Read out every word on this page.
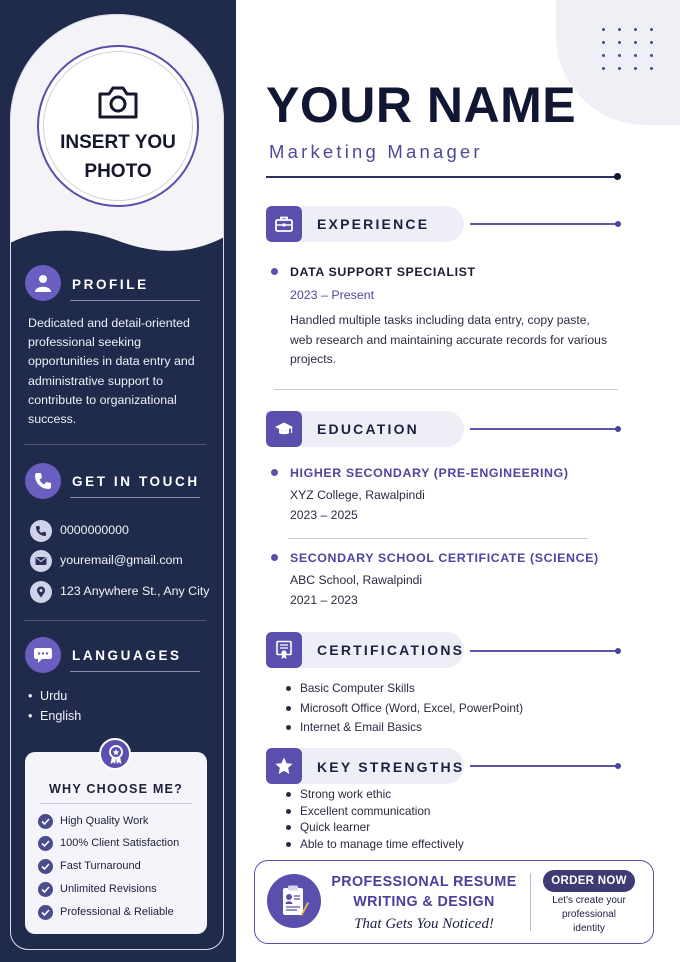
INSERT YOU
PHOTO
PROFILE
Dedicated and detail-oriented professional seeking opportunities in data entry and administrative support to contribute to organizational success.
GET IN TOUCH
0000000000
youremail@gmail.com
123 Anywhere St., Any City
LANGUAGES
• Urdu
• English
WHY CHOOSE ME?
High Quality Work
100% Client Satisfaction
Fast Turnaround
Unlimited Revisions
Professional & Reliable
YOUR NAME
Marketing Manager
EXPERIENCE
DATA SUPPORT SPECIALIST
2023 – Present
Handled multiple tasks including data entry, copy paste, web research and maintaining accurate records for various projects.
EDUCATION
HIGHER SECONDARY (PRE-ENGINEERING)
XYZ College, Rawalpindi
2023 – 2025
SECONDARY SCHOOL CERTIFICATE (SCIENCE)
ABC School, Rawalpindi
2021 – 2023
CERTIFICATIONS
Basic Computer Skills
Microsoft Office (Word, Excel, PowerPoint)
Internet & Email Basics
KEY STRENGTHS
Strong work ethic
Excellent communication
Quick learner
Able to manage time effectively
PROFESSIONAL RESUME
WRITING & DESIGN
That Gets You Noticed!
ORDER NOW
Let's create your
professional
identity
